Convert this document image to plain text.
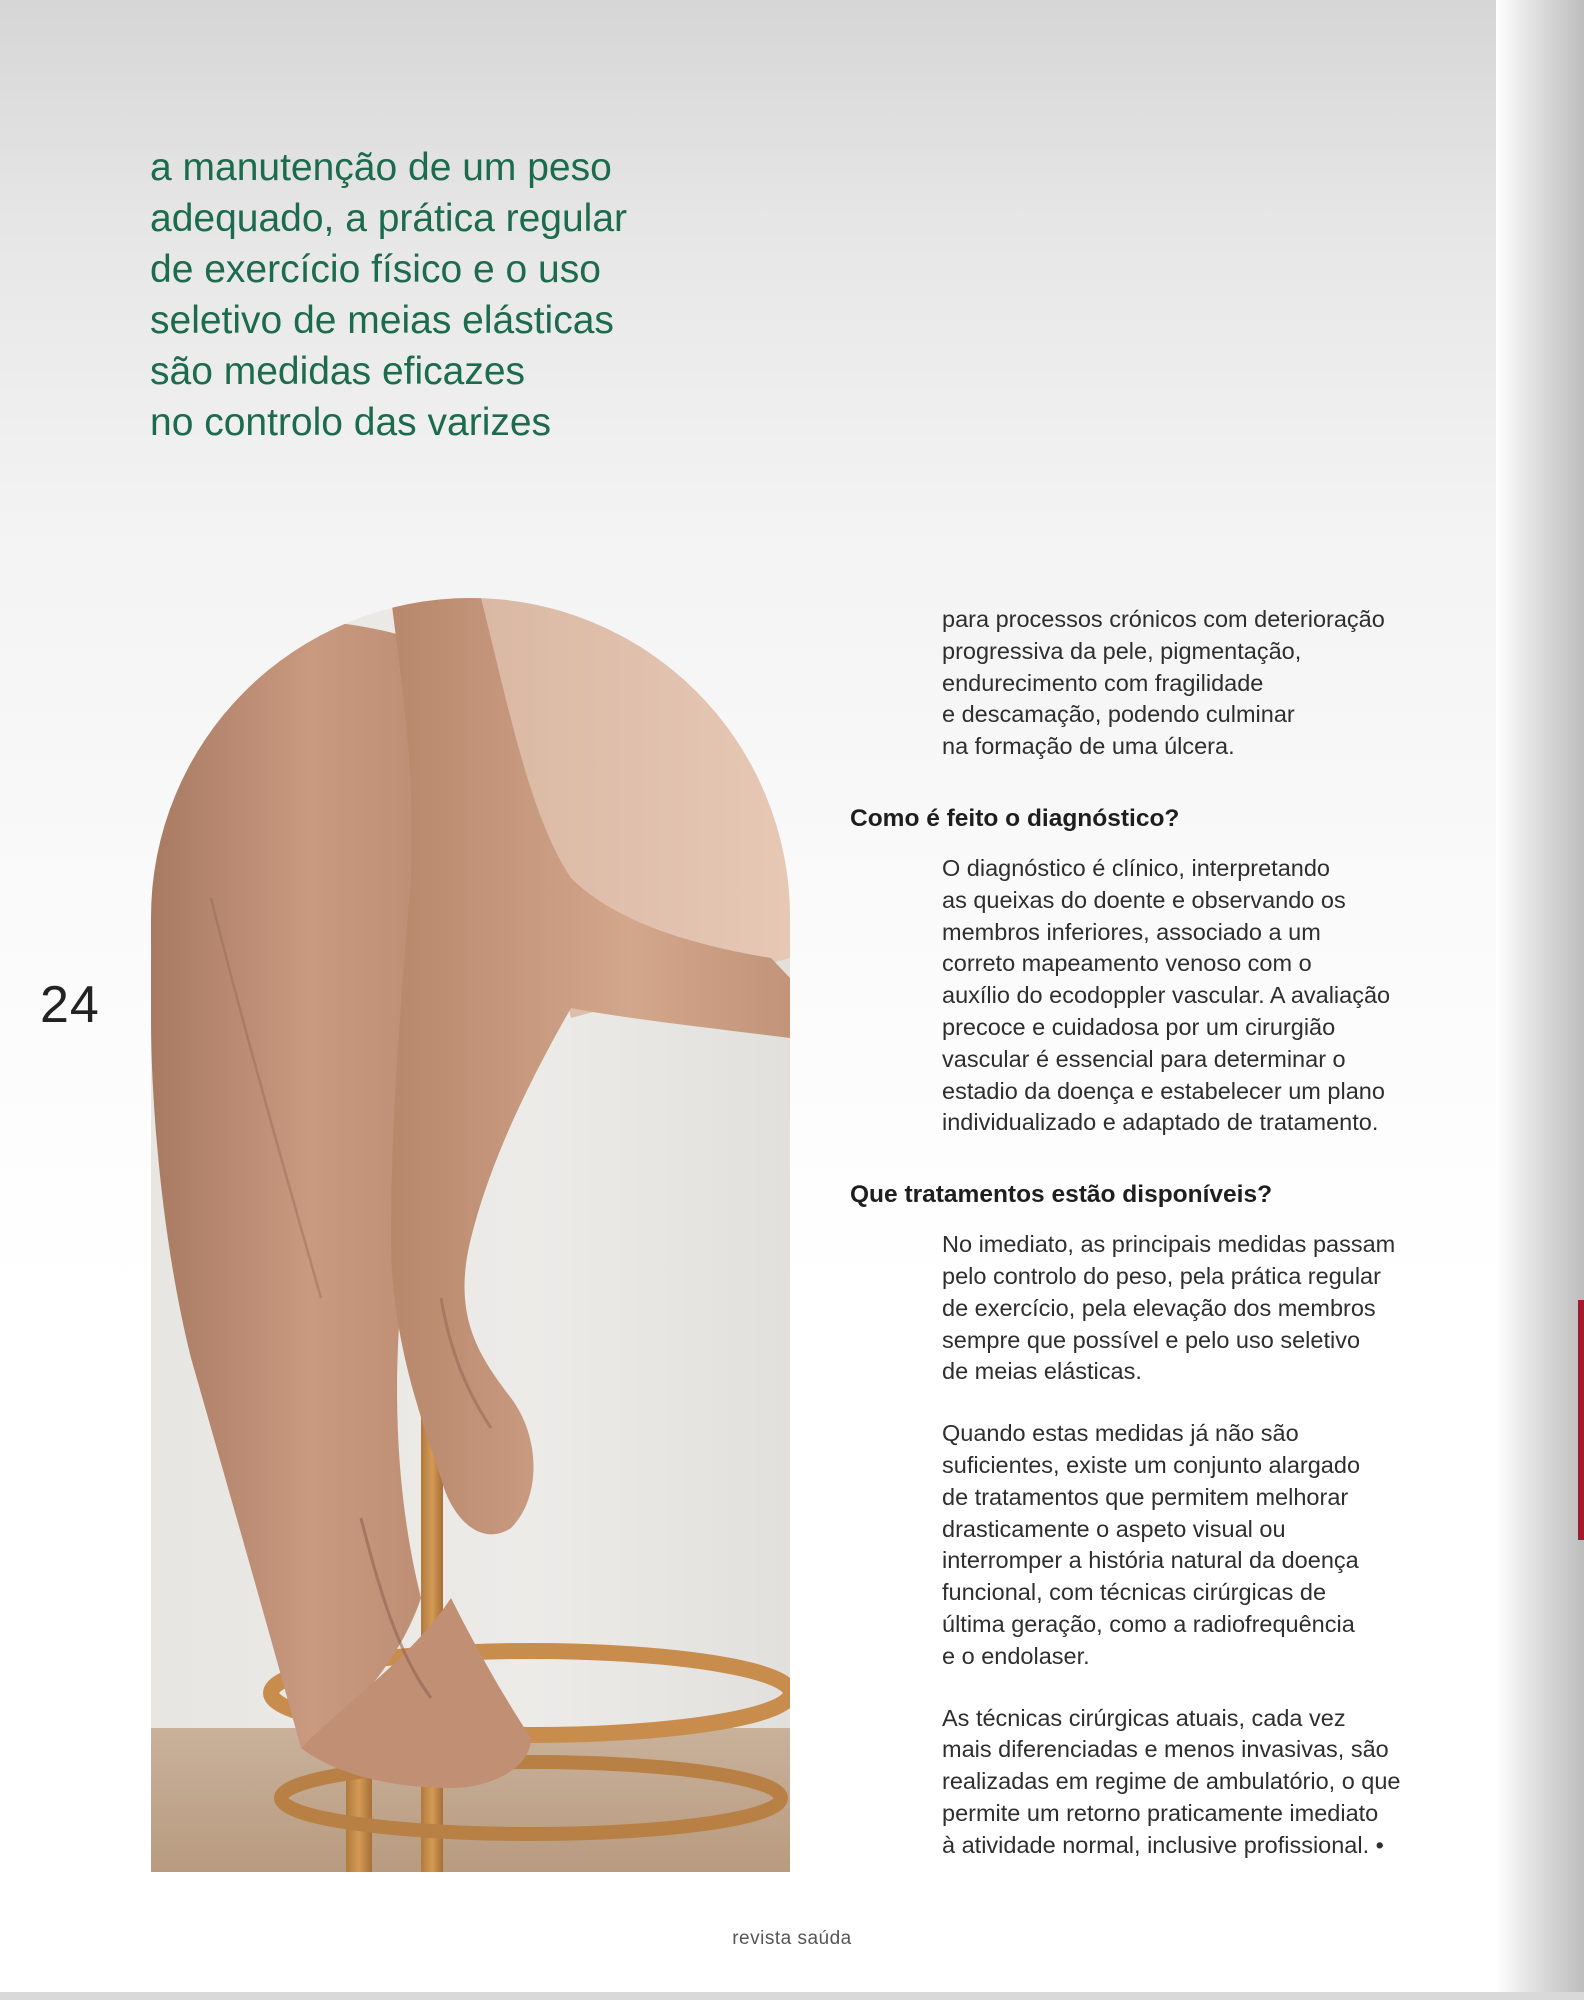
a manutenção de um peso
adequado, a prática regular
de exercício físico e o uso
seletivo de meias elásticas
são medidas eficazes
no controlo das varizes
24

para processos crónicos com deterioração
progressiva da pele, pigmentação,
endurecimento com fragilidade
e descamação, podendo culminar
na formação de uma úlcera.

Como é feito o diagnóstico?

O diagnóstico é clínico, interpretando
as queixas do doente e observando os
membros inferiores, associado a um
correto mapeamento venoso com o
auxílio do ecodoppler vascular. A avaliação
precoce e cuidadosa por um cirurgião
vascular é essencial para determinar o
estadio da doença e estabelecer um plano
individualizado e adaptado de tratamento.

Que tratamentos estão disponíveis?

No imediato, as principais medidas passam
pelo controlo do peso, pela prática regular
de exercício, pela elevação dos membros
sempre que possível e pelo uso seletivo
de meias elásticas.

Quando estas medidas já não são
suficientes, existe um conjunto alargado
de tratamentos que permitem melhorar
drasticamente o aspeto visual ou
interromper a história natural da doença
funcional, com técnicas cirúrgicas de
última geração, como a radiofrequência
e o endolaser.

As técnicas cirúrgicas atuais, cada vez
mais diferenciadas e menos invasivas, são
realizadas em regime de ambulatório, o que
permite um retorno praticamente imediato
à atividade normal, inclusive profissional. •

revista saúda
